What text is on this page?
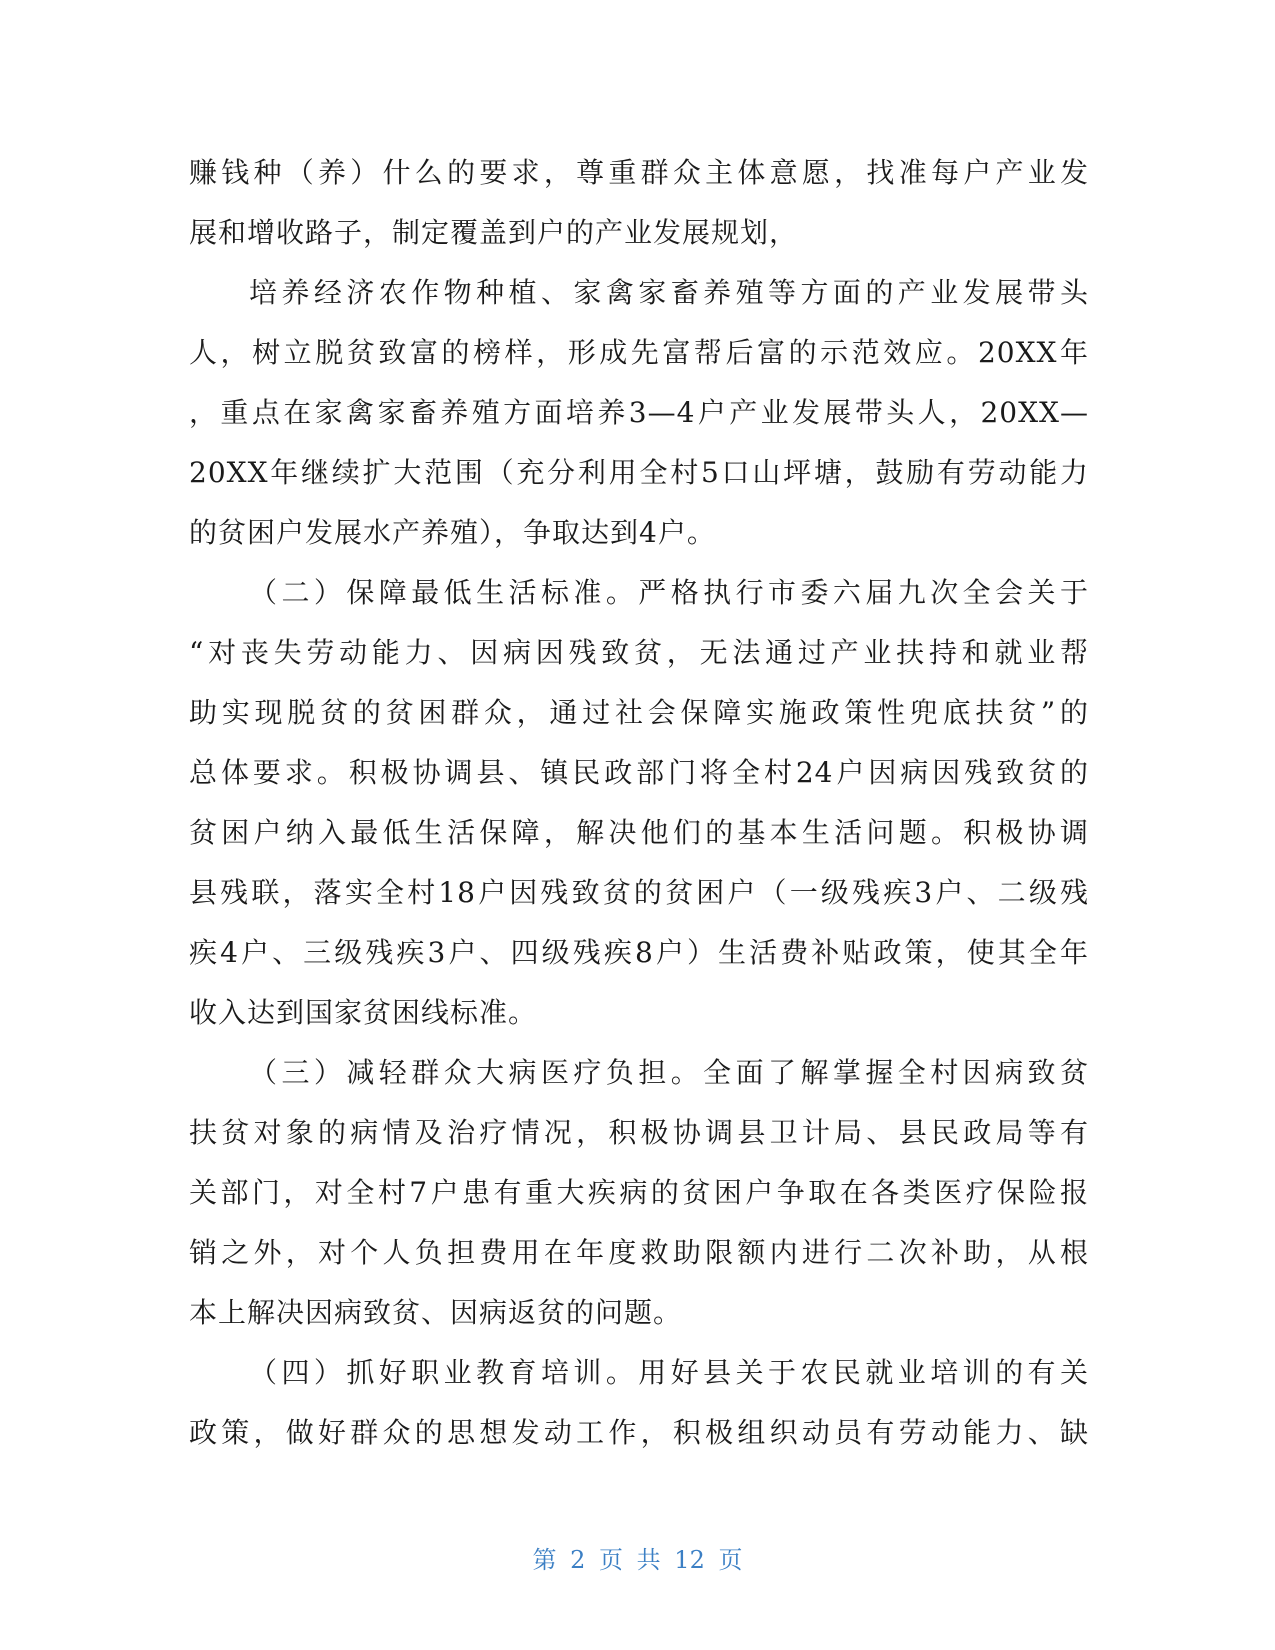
赚钱种（养）什么的要求，尊重群众主体意愿，找准每户产业发
展和增收路子，制定覆盖到户的产业发展规划，
培养经济农作物种植、家禽家畜养殖等方面的产业发展带头
人，树立脱贫致富的榜样，形成先富帮后富的示范效应。20XX年
，重点在家禽家畜养殖方面培养3—4户产业发展带头人，20XX—
20XX年继续扩大范围（充分利用全村5口山坪塘，鼓励有劳动能力
的贫困户发展水产养殖），争取达到4户。
（二）保障最低生活标准。严格执行市委六届九次全会关于
“对丧失劳动能力、因病因残致贫，无法通过产业扶持和就业帮
助实现脱贫的贫困群众，通过社会保障实施政策性兜底扶贫”的
总体要求。积极协调县、镇民政部门将全村24户因病因残致贫的
贫困户纳入最低生活保障，解决他们的基本生活问题。积极协调
县残联，落实全村18户因残致贫的贫困户（一级残疾3户、二级残
疾4户、三级残疾3户、四级残疾8户）生活费补贴政策，使其全年
收入达到国家贫困线标准。
（三）减轻群众大病医疗负担。全面了解掌握全村因病致贫
扶贫对象的病情及治疗情况，积极协调县卫计局、县民政局等有
关部门，对全村7户患有重大疾病的贫困户争取在各类医疗保险报
销之外，对个人负担费用在年度救助限额内进行二次补助，从根
本上解决因病致贫、因病返贫的问题。
（四）抓好职业教育培训。用好县关于农民就业培训的有关
政策，做好群众的思想发动工作，积极组织动员有劳动能力、缺
第 2 页 共 12 页
